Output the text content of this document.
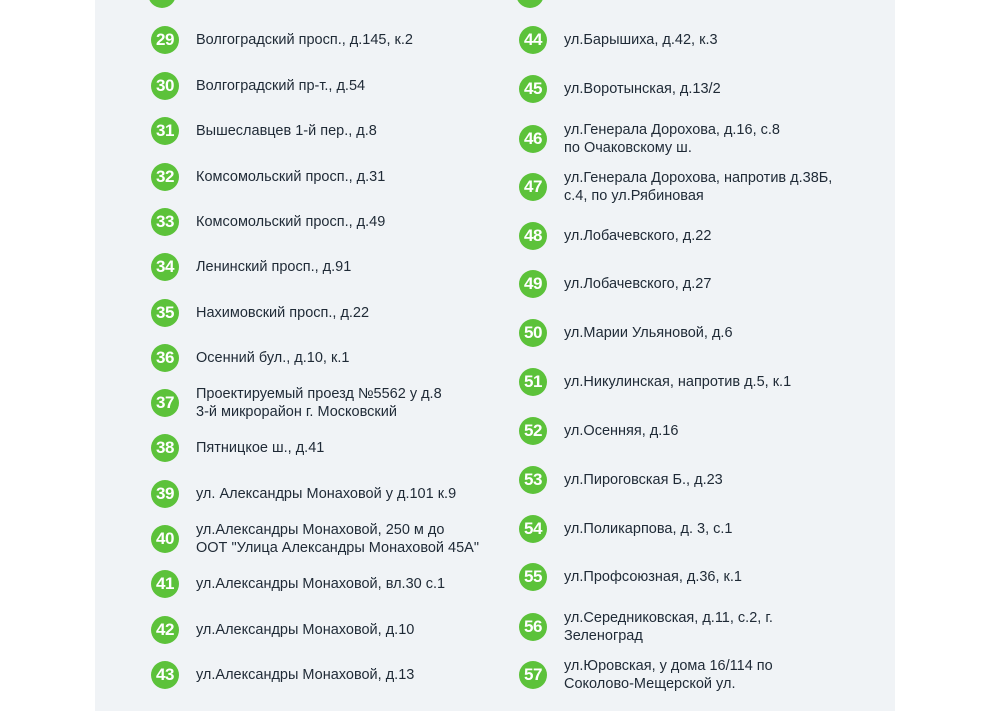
29	Волгоградский просп., д.145, к.2
30	Волгоградский пр-т., д.54
31	Вышеславцев 1-й пер., д.8
32	Комсомольский просп., д.31
33	Комсомольский просп., д.49
34	Ленинский просп., д.91
35	Нахимовский просп., д.22
36	Осенний бул., д.10, к.1
37	Проектируемый проезд №5562 у д.8
3-й микрорайон г. Московский
38	Пятницкое ш., д.41
39	ул. Александры Монаховой у д.101 к.9
40	ул.Александры Монаховой, 250 м до
ООТ "Улица Александры Монаховой 45А"
41	ул.Александры Монаховой, вл.30 с.1
42	ул.Александры Монаховой, д.10
43	ул.Александры Монаховой, д.13
44	ул.Барышиха, д.42, к.3
45	ул.Воротынская, д.13/2
46	ул.Генерала Дорохова, д.16, с.8
по Очаковскому ш.
47	ул.Генерала Дорохова, напротив д.38Б,
с.4, по ул.Рябиновая
48	ул.Лобачевского, д.22
49	ул.Лобачевского, д.27
50	ул.Марии Ульяновой, д.6
51	ул.Никулинская, напротив д.5, к.1
52	ул.Осенняя, д.16
53	ул.Пироговская Б., д.23
54	ул.Поликарпова, д. 3, с.1
55	ул.Профсоюзная, д.36, к.1
56	ул.Середниковская, д.11, с.2, г.
Зеленоград
57	ул.Юровская, у дома 16/114 по
Соколово-Мещерской ул.
